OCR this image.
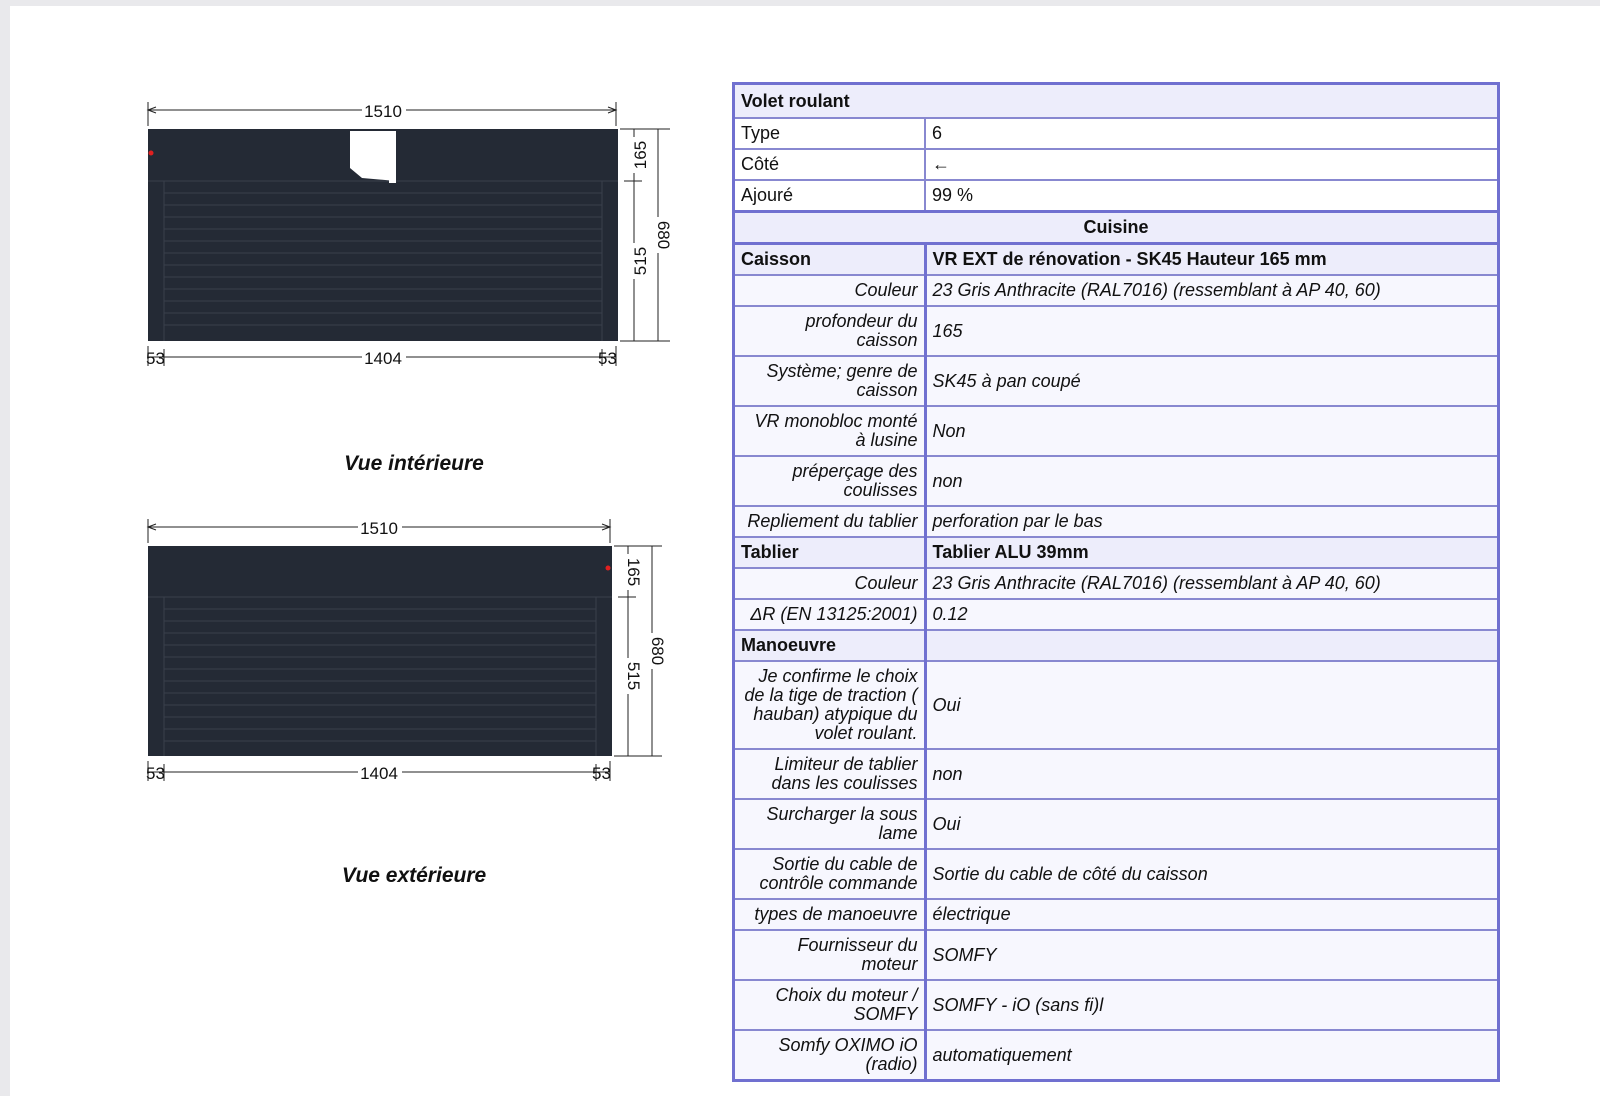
1510
165
515
680
1404
53	53
Vue intérieure
1510
165
515
680
1404
53	53
Vue extérieure
Volet roulant	
Type	6
Côté	←
Ajouré	99 %
Cuisine	
Caisson	VR EXT de rénovation - SK45 Hauteur 165 mm
Couleur	23 Gris Anthracite (RAL7016) (ressemblant à AP 40, 60)
profondeur du caisson	165
Système; genre de caisson	SK45 à pan coupé
VR monobloc monté à lusine	Non
préperçage des coulisses	non
Repliement du tablier	perforation par le bas
Tablier	Tablier ALU 39mm
Couleur	23 Gris Anthracite (RAL7016) (ressemblant à AP 40, 60)
ΔR (EN 13125:2001)	0.12
Manoeuvre	
Je confirme le choix de la tige de traction ( hauban) atypique du volet roulant.	Oui
Limiteur de tablier dans les coulisses	non
Surcharger la sous lame	Oui
Sortie du cable de contrôle commande	Sortie du cable de côté du caisson
types de manoeuvre	électrique
Fournisseur du moteur	SOMFY
Choix du moteur / SOMFY	SOMFY - iO (sans fi)l
Somfy OXIMO iO (radio)	automatiquement
